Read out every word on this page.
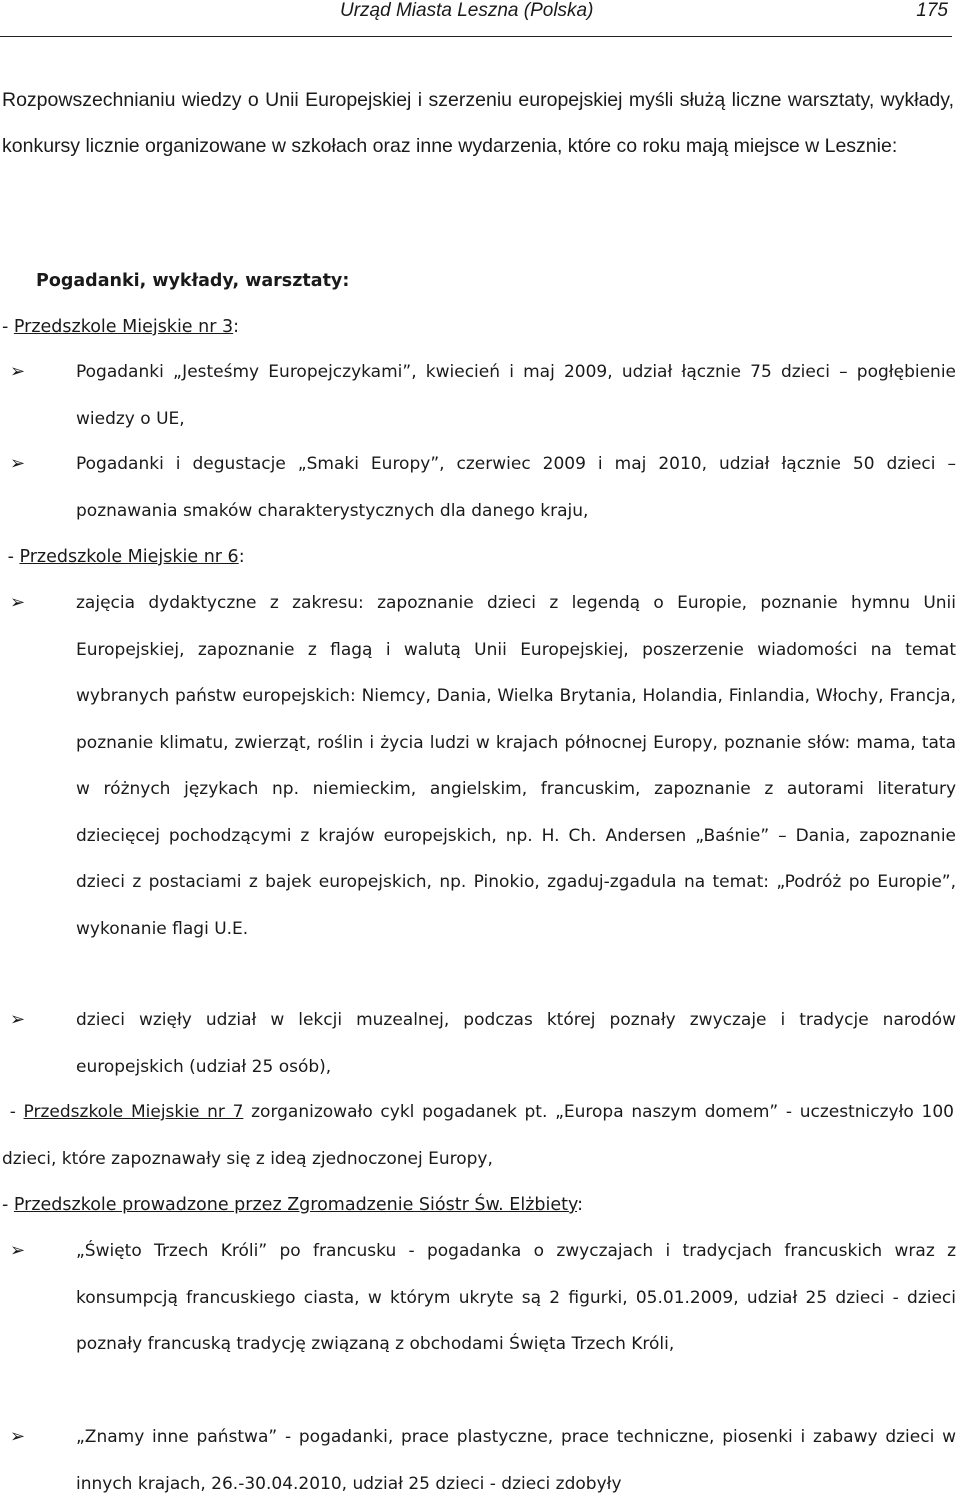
Urząd Miasta Leszna (Polska)	175
Rozpowszechnianiu wiedzy o Unii Europejskiej i szerzeniu europejskiej myśli służą liczne warsztaty, wykłady, konkursy licznie organizowane w szkołach oraz inne wydarzenia, które co roku mają miejsce w Lesznie:
Pogadanki, wykłady, warsztaty:
- Przedszkole Miejskie nr 3:
➢	Pogadanki „Jesteśmy Europejczykami”, kwiecień i maj 2009, udział łącznie 75 dzieci – pogłębienie wiedzy o UE,
➢	Pogadanki i degustacje „Smaki Europy”, czerwiec 2009 i maj 2010, udział łącznie 50 dzieci – poznawania smaków charakterystycznych dla danego kraju,
- Przedszkole Miejskie nr 6:
➢	zajęcia dydaktyczne z zakresu: zapoznanie dzieci z legendą o Europie, poznanie hymnu Unii Europejskiej, zapoznanie z flagą i walutą Unii Europejskiej, poszerzenie wiadomości na temat wybranych państw europejskich: Niemcy, Dania, Wielka Brytania, Holandia, Finlandia, Włochy, Francja, poznanie klimatu, zwierząt, roślin i życia ludzi w krajach północnej Europy, poznanie słów: mama, tata w różnych językach np. niemieckim, angielskim, francuskim, zapoznanie z autorami literatury dziecięcej pochodzącymi z krajów europejskich, np. H. Ch. Andersen „Baśnie” – Dania, zapoznanie dzieci z postaciami z bajek europejskich, np. Pinokio, zgaduj-zgadula na temat: „Podróż po Europie”, wykonanie flagi U.E.
➢	dzieci wzięły udział w lekcji muzealnej, podczas której poznały zwyczaje i tradycje narodów europejskich (udział 25 osób),
- Przedszkole Miejskie nr 7 zorganizowało cykl pogadanek pt. „Europa naszym domem” - uczestniczyło 100 dzieci, które zapoznawały się z ideą zjednoczonej Europy,
- Przedszkole prowadzone przez Zgromadzenie Sióstr Św. Elżbiety:
➢	„Święto Trzech Króli” po francusku - pogadanka o zwyczajach i tradycjach francuskich wraz z konsumpcją francuskiego ciasta, w którym ukryte są 2 figurki, 05.01.2009, udział 25 dzieci - dzieci poznały francuską tradycję związaną z obchodami Święta Trzech Króli,
➢	„Znamy inne państwa” - pogadanki, prace plastyczne, prace techniczne, piosenki i zabawy dzieci w innych krajach, 26.-30.04.2010, udział 25 dzieci - dzieci zdobyły
